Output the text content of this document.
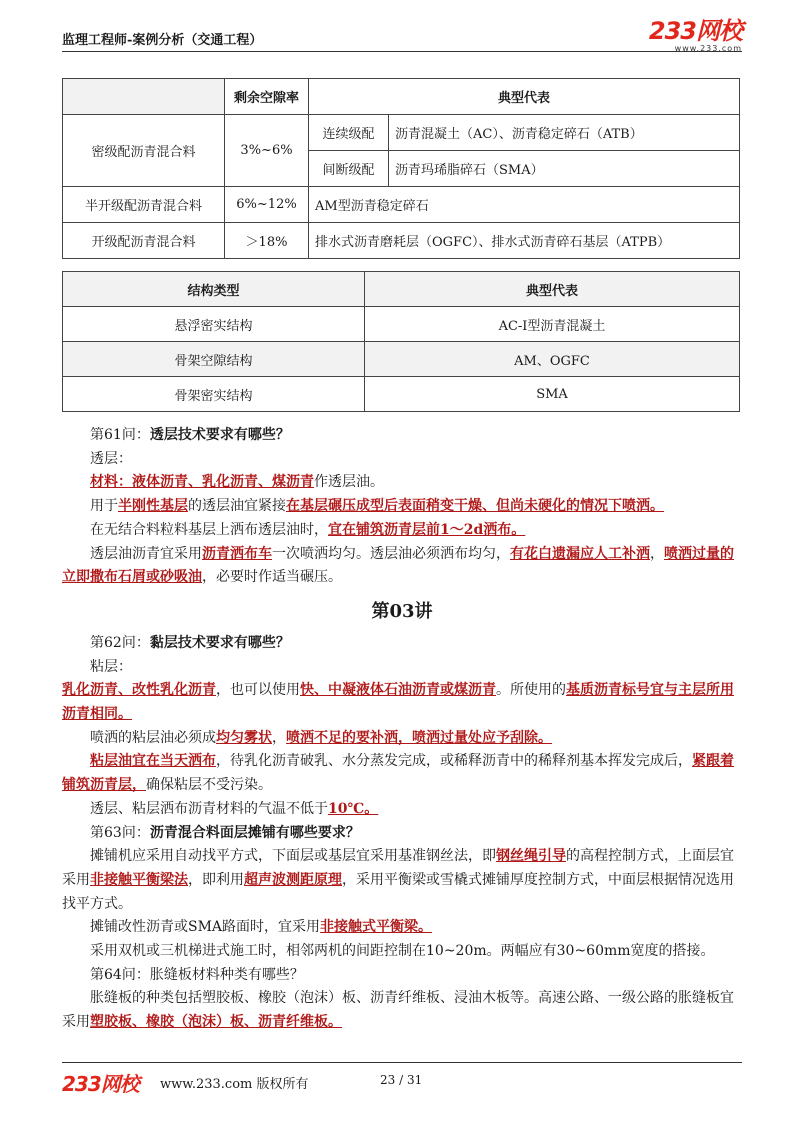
监理工程师-案例分析（交通工程）	233网校
www.233.com
	剩余空隙率	典型代表	
密级配沥青混合料	3%~6%	连续级配	沥青混凝土（AC）、沥青稳定碎石（ATB）
		间断级配	沥青玛琋脂碎石（SMA）
半开级配沥青混合料	6%~12%	AM型沥青稳定碎石	
开级配沥青混合料	＞18%	排水式沥青磨耗层（OGFC）、排水式沥青碎石基层（ATPB）	
结构类型	典型代表
悬浮密实结构	AC-Ⅰ型沥青混凝土
骨架空隙结构	AM、OGFC
骨架密实结构	SMA

第61问：透层技术要求有哪些？

透层：

材料：液体沥青、乳化沥青、煤沥青作透层油。

用于半刚性基层的透层油宜紧接在基层碾压成型后表面稍变干燥、但尚未硬化的情况下喷洒。

在无结合料粒料基层上洒布透层油时，宜在铺筑沥青层前1～2d洒布。

透层油沥青宜采用沥青洒布车一次喷洒均匀。透层油必须洒布均匀，有花白遗漏应人工补洒，喷洒过量的立即撒布石屑或砂吸油，必要时作适当碾压。

第03讲

第62问：黏层技术要求有哪些？

粘层：

乳化沥青、改性乳化沥青，也可以使用快、中凝液体石油沥青或煤沥青。所使用的基质沥青标号宜与主层所用沥青相同。

喷洒的粘层油必须成均匀雾状，喷洒不足的要补洒，喷洒过量处应予刮除。

粘层油宜在当天洒布，待乳化沥青破乳、水分蒸发完成，或稀释沥青中的稀释剂基本挥发完成后，紧跟着铺筑沥青层，确保粘层不受污染。

透层、粘层洒布沥青材料的气温不低于10℃。

第63问：沥青混合料面层摊铺有哪些要求？

摊铺机应采用自动找平方式，下面层或基层宜采用基准钢丝法，即钢丝绳引导的高程控制方式，上面层宜采用非接触平衡梁法，即利用超声波测距原理，采用平衡梁或雪橇式摊铺厚度控制方式，中面层根据情况选用找平方式。

摊铺改性沥青或SMA路面时，宜采用非接触式平衡梁。

采用双机或三机梯进式施工时，相邻两机的间距控制在10~20m。两幅应有30~60mm宽度的搭接。

第64问：胀缝板材料种类有哪些？

胀缝板的种类包括塑胶板、橡胶（泡沫）板、沥青纤维板、浸油木板等。高速公路、一级公路的胀缝板宜采用塑胶板、橡胶（泡沫）板、沥青纤维板。

233网校 www.233.com 版权所有	23 / 31
